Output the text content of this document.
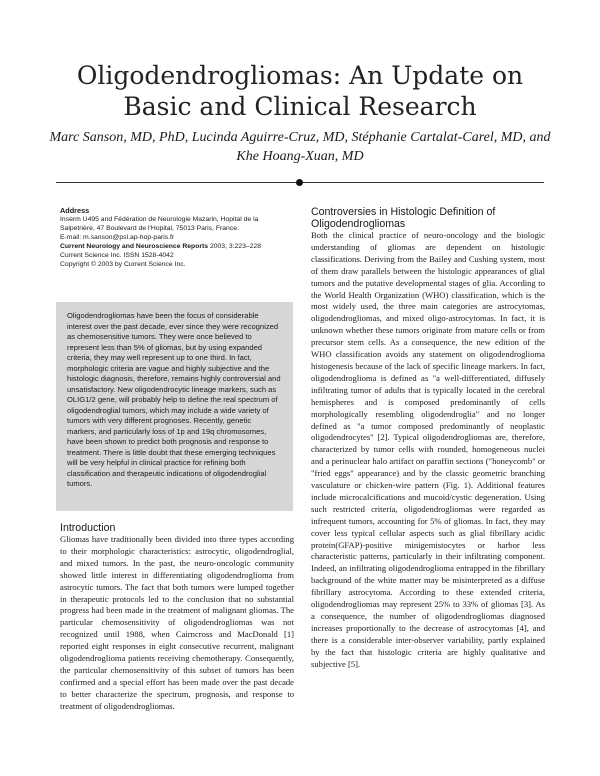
Oligodendrogliomas: An Update on Basic and Clinical Research
Marc Sanson, MD, PhD, Lucinda Aguirre-Cruz, MD, Stéphanie Cartalat-Carel, MD, and Khe Hoang-Xuan, MD
Address
Inserm U495 and Fédération de Neurologie Mazarin, Hopital de la
Salpetrière, 47 Boulevard de l'Hopital, 75013 Paris, France.
E-mail: m.sanson@psl.ap-hop-paris.fr
Current Neurology and Neuroscience Reports 2003, 3:223–228
Current Science Inc. ISSN 1528-4042
Copyright © 2003 by Current Science Inc.

Oligodendrogliomas have been the focus of considerable interest over the past decade, ever since they were recognized as chemosensitive tumors. They were once believed to represent less than 5% of gliomas, but by using expanded criteria, they may well represent up to one third. In fact, morphologic criteria are vague and highly subjective and the histologic diagnosis, therefore, remains highly controversial and unsatisfactory. New oligodendrocytic lineage markers, such as OLIG1/2 gene, will probably help to define the real spectrum of oligodendroglial tumors, which may include a wide variety of tumors with very different prognoses. Recently, genetic markers, and particularly loss of 1p and 19q chromosomes, have been shown to predict both prognosis and response to treatment. There is little doubt that these emerging techniques will be very helpful in clinical practice for refining both classification and therapeutic indications of oligodendroglial tumors.

Introduction

Gliomas have traditionally been divided into three types according to their morphologic characteristics: astrocytic, oligodendroglial, and mixed tumors. In the past, the neuro-oncologic community showed little interest in differentiating oligodendroglioma from astrocytic tumors. The fact that both tumors were lumped together in therapeutic protocols led to the conclusion that no substantial progress had been made in the treatment of malignant gliomas. The particular chemosensitivity of oligodendrogliomas was not recognized until 1988, when Cairncross and MacDonald [1] reported eight responses in eight consecutive recurrent, malignant oligodendroglioma patients receiving chemotherapy. Consequently, the particular chemosensitivity of this subset of tumors has been confirmed and a special effort has been made over the past decade to better characterize the spectrum, prognosis, and response to treatment of oligodendrogliomas.

Controversies in Histologic Definition of Oligodendrogliomas

Both the clinical practice of neuro-oncology and the biologic understanding of gliomas are dependent on histologic classifications. Deriving from the Bailey and Cushing system, most of them draw parallels between the histologic appearances of glial tumors and the putative developmental stages of glia. According to the World Health Organization (WHO) classification, which is the most widely used, the three main categories are astrocytomas, oligodendrogliomas, and mixed oligo-astrocytomas. In fact, it is unknown whether these tumors originate from mature cells or from precursor stem cells. As a consequence, the new edition of the WHO classification avoids any statement on oligodendroglioma histogenesis because of the lack of specific lineage markers. In fact, oligodendroglioma is defined as "a well-differentiated, diffusely infiltrating tumor of adults that is typically located in the cerebral hemispheres and is composed predominantly of cells morphologically resembling oligodendroglia" and no longer defined as "a tumor composed predominantly of neoplastic oligodendrocytes" [2]. Typical oligodendrogliomas are, therefore, characterized by tumor cells with rounded, homogeneous nuclei and a perinuclear halo artifact on paraffin sections ("honeycomb" or "fried eggs" appearance) and by the classic geometric branching vasculature or chicken-wire pattern (Fig. 1). Additional features include microcalcifications and mucoid/cystic degeneration. Using such restricted criteria, oligodendrogliomas were regarded as infrequent tumors, accounting for 5% of gliomas. In fact, they may cover less typical cellular aspects such as glial fibrillary acidic protein(GFAP)-positive minigemistocytes or harbor less characteristic patterns, particularly in their infiltrating component. Indeed, an infiltrating oligodendroglioma entrapped in the fibrillary background of the white matter may be misinterpreted as a diffuse fibrillary astrocytoma. According to these extended criteria, oligodendrogliomas may represent 25% to 33% of gliomas [3]. As a consequence, the number of oligodendrogliomas diagnosed increases proportionally to the decrease of astrocytomas [4], and there is a considerable inter-observer variability, partly explained by the fact that histologic criteria are highly qualitative and subjective [5].
